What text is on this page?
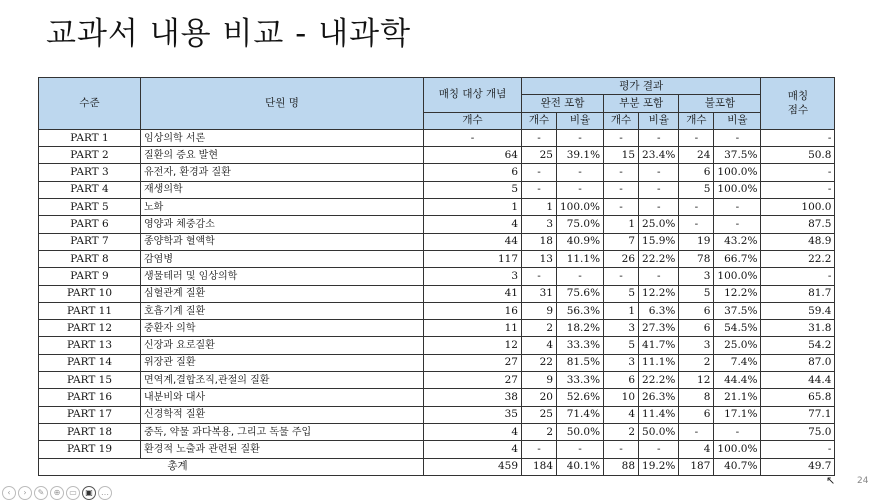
교과서 내용 비교 - 내과학
수준	단원 명	매칭 대상 개념	평가 결과						매칭
점수
			완전 포함		부분 포함		불포함		
		개수	개수	비율	개수	비율	개수	비율	
PART 1	임상의학 서론	-	-	-	-	-	-	-	-
PART 2	질환의 증요 발현	64	25	39.1%	15	23.4%	24	37.5%	50.8
PART 3	유전자, 환경과 질환	6	-	-	-	-	6	100.0%	-
PART 4	재생의학	5	-	-	-	-	5	100.0%	-
PART 5	노화	1	1	100.0%	-	-	-	-	100.0
PART 6	영양과 체중감소	4	3	75.0%	1	25.0%	-	-	87.5
PART 7	종양학과 혈액학	44	18	40.9%	7	15.9%	19	43.2%	48.9
PART 8	감염병	117	13	11.1%	26	22.2%	78	66.7%	22.2
PART 9	생물테러 및 임상의학	3	-	-	-	-	3	100.0%	-
PART 10	심혈관계 질환	41	31	75.6%	5	12.2%	5	12.2%	81.7
PART 11	호흡기계 질환	16	9	56.3%	1	6.3%	6	37.5%	59.4
PART 12	중환자 의학	11	2	18.2%	3	27.3%	6	54.5%	31.8
PART 13	신장과 요로질환	12	4	33.3%	5	41.7%	3	25.0%	54.2
PART 14	위장관 질환	27	22	81.5%	3	11.1%	2	7.4%	87.0
PART 15	면역계,결합조직,관절의 질환	27	9	33.3%	6	22.2%	12	44.4%	44.4
PART 16	내분비와 대사	38	20	52.6%	10	26.3%	8	21.1%	65.8
PART 17	신경학적 질환	35	25	71.4%	4	11.4%	6	17.1%	77.1
PART 18	중독, 약물 과다복용, 그리고 독물 주입	4	2	50.0%	2	50.0%	-	-	75.0
PART 19	환경적 노출과 관련된 질환	4	-	-	-	-	4	100.0%	-
총계		459	184	40.1%	88	19.2%	187	40.7%	49.7
‹	›	✎	⊕	▭	▣	…
↖ 24
